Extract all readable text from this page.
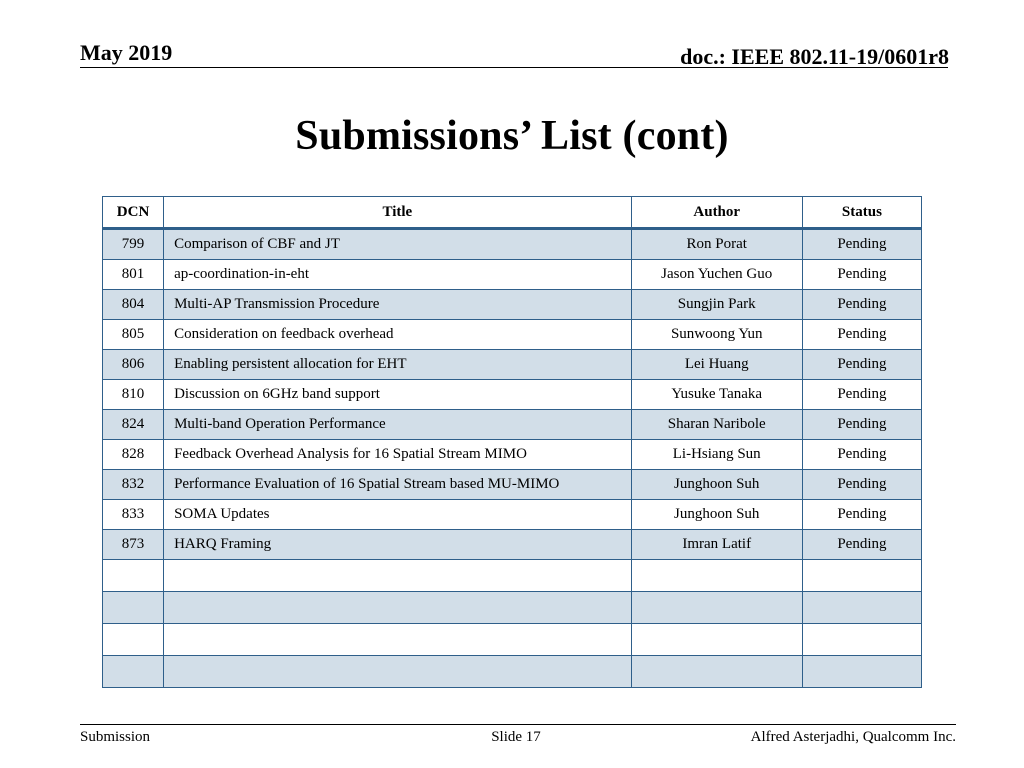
May 2019	doc.: IEEE 802.11-19/0601r8
Submissions’ List (cont)
DCN	Title	Author	Status
799	Comparison of CBF and JT	Ron Porat	Pending
801	ap-coordination-in-eht	Jason Yuchen Guo	Pending
804	Multi-AP Transmission Procedure	Sungjin Park	Pending
805	Consideration on feedback overhead	Sunwoong Yun	Pending
806	Enabling persistent allocation for EHT	Lei Huang	Pending
810	Discussion on 6GHz band support	Yusuke Tanaka	Pending
824	Multi-band Operation Performance	Sharan Naribole	Pending
828	Feedback Overhead Analysis for 16 Spatial Stream MIMO	Li-Hsiang Sun	Pending
832	Performance Evaluation of 16 Spatial Stream based MU-MIMO	Junghoon Suh	Pending
833	SOMA Updates	Junghoon Suh	Pending
873	HARQ Framing	Imran Latif	Pending

Submission	Slide 17	Alfred Asterjadhi, Qualcomm Inc.
